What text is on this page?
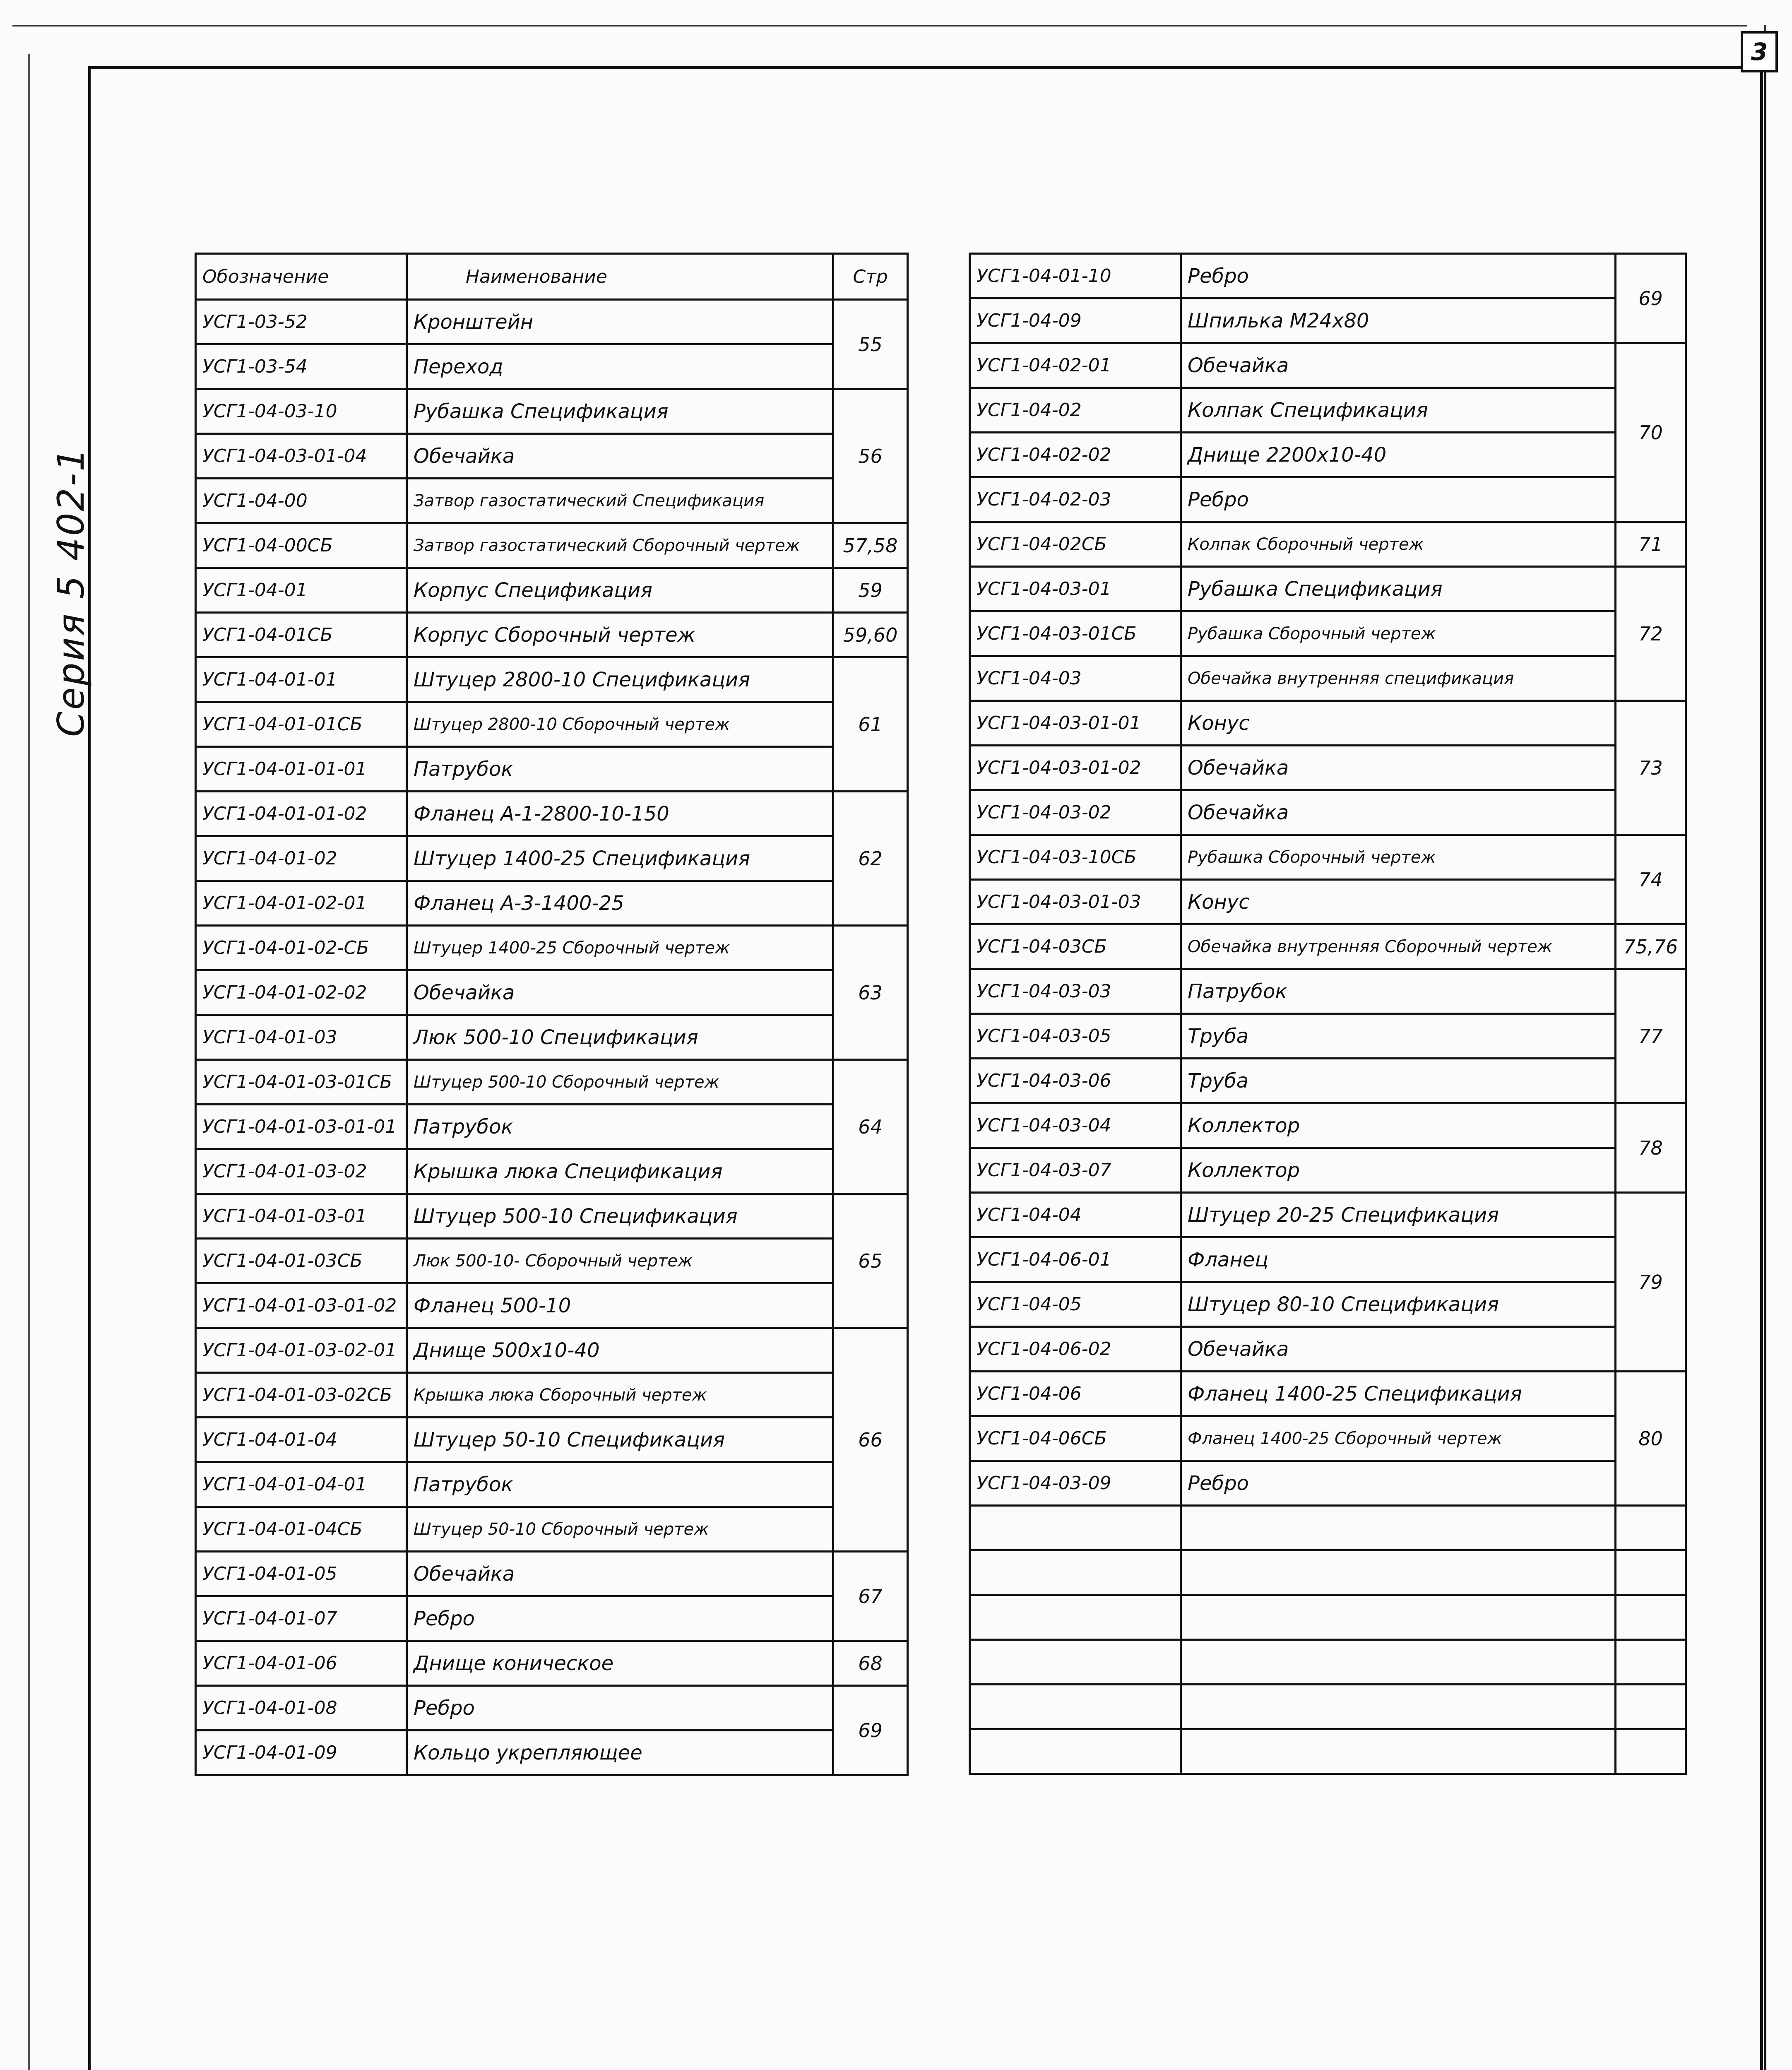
3
Серия 5 402-1
Обозначение	Наименование	Стр
УСГ1-03-52	Кронштейн	55
УСГ1-03-54	Переход	
УСГ1-04-03-10	Рубашка Спецификация	56
УСГ1-04-03-01-04	Обечайка	
УСГ1-04-00	Затвор газостатический Спецификация	
УСГ1-04-00СБ	Затвор газостатический Сборочный чертеж	57,58
УСГ1-04-01	Корпус Спецификация	59
УСГ1-04-01СБ	Корпус Сборочный чертеж	59,60
УСГ1-04-01-01	Штуцер 2800-10 Спецификация	61
УСГ1-04-01-01СБ	Штуцер 2800-10 Сборочный чертеж	
УСГ1-04-01-01-01	Патрубок	
УСГ1-04-01-01-02	Фланец А-1-2800-10-150	62
УСГ1-04-01-02	Штуцер 1400-25 Спецификация	
УСГ1-04-01-02-01	Фланец А-3-1400-25	
УСГ1-04-01-02-СБ	Штуцер 1400-25 Сборочный чертеж	63
УСГ1-04-01-02-02	Обечайка	
УСГ1-04-01-03	Люк 500-10 Спецификация	
УСГ1-04-01-03-01СБ	Штуцер 500-10 Сборочный чертеж	64
УСГ1-04-01-03-01-01	Патрубок	
УСГ1-04-01-03-02	Крышка люка Спецификация	
УСГ1-04-01-03-01	Штуцер 500-10 Спецификация	65
УСГ1-04-01-03СБ	Люк 500-10- Сборочный чертеж	
УСГ1-04-01-03-01-02	Фланец 500-10	
УСГ1-04-01-03-02-01	Днище 500х10-40	66
УСГ1-04-01-03-02СБ	Крышка люка Сборочный чертеж	
УСГ1-04-01-04	Штуцер 50-10 Спецификация	
УСГ1-04-01-04-01	Патрубок	
УСГ1-04-01-04СБ	Штуцер 50-10 Сборочный чертеж	
УСГ1-04-01-05	Обечайка	67
УСГ1-04-01-07	Ребро	
УСГ1-04-01-06	Днище коническое	68
УСГ1-04-01-08	Ребро	69
УСГ1-04-01-09	Кольцо укрепляющее	
УСГ1-04-01-10	Ребро	69
УСГ1-04-09	Шпилька М24х80	
УСГ1-04-02-01	Обечайка	70
УСГ1-04-02	Колпак Спецификация	
УСГ1-04-02-02	Днище 2200х10-40	
УСГ1-04-02-03	Ребро	
УСГ1-04-02СБ	Колпак Сборочный чертеж	71
УСГ1-04-03-01	Рубашка Спецификация	72
УСГ1-04-03-01СБ	Рубашка Сборочный чертеж	
УСГ1-04-03	Обечайка внутренняя спецификация	
УСГ1-04-03-01-01	Конус	73
УСГ1-04-03-01-02	Обечайка	
УСГ1-04-03-02	Обечайка	
УСГ1-04-03-10СБ	Рубашка Сборочный чертеж	74
УСГ1-04-03-01-03	Конус	
УСГ1-04-03СБ	Обечайка внутренняя Сборочный чертеж	75,76
УСГ1-04-03-03	Патрубок	77
УСГ1-04-03-05	Труба	
УСГ1-04-03-06	Труба	
УСГ1-04-03-04	Коллектор	78
УСГ1-04-03-07	Коллектор	
УСГ1-04-04	Штуцер 20-25 Спецификация	79
УСГ1-04-06-01	Фланец	
УСГ1-04-05	Штуцер 80-10 Спецификация	
УСГ1-04-06-02	Обечайка	
УСГ1-04-06	Фланец 1400-25 Спецификация	80
УСГ1-04-06СБ	Фланец 1400-25 Сборочный чертеж	
УСГ1-04-03-09	Ребро	
